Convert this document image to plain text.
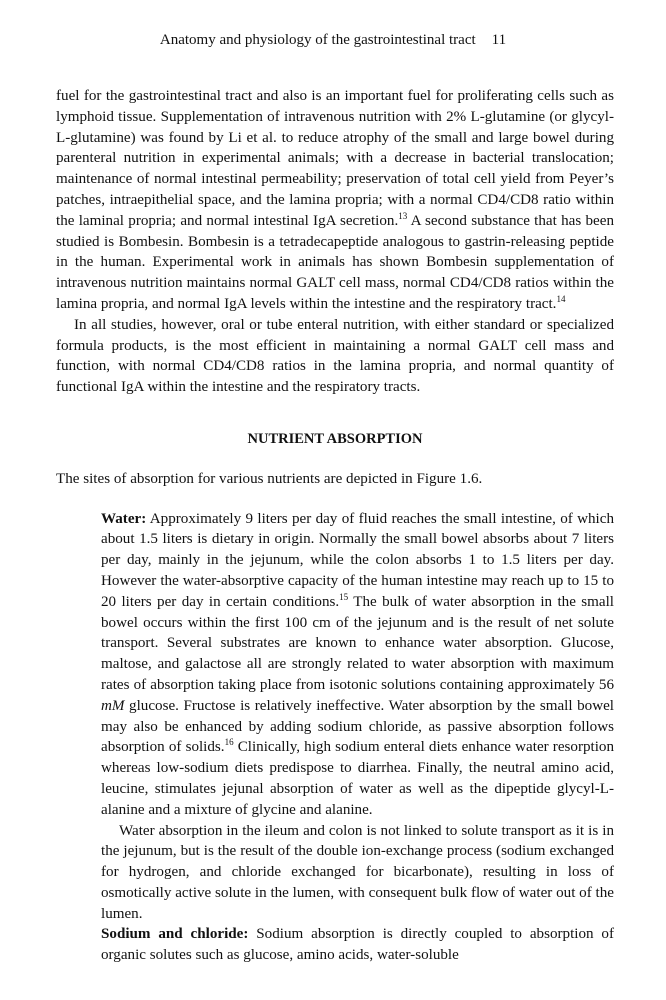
Anatomy and physiology of the gastrointestinal tract 11

fuel for the gastrointestinal tract and also is an important fuel for proliferating cells such as lymphoid tissue. Supplementation of intravenous nutrition with 2% L-glutamine (or glycyl-L-glutamine) was found by Li et al. to reduce atrophy of the small and large bowel during parenteral nutrition in experimental animals; with a decrease in bacterial translocation; maintenance of normal intestinal permeability; preservation of total cell yield from Peyer’s patches, intraepithelial space, and the lamina propria; with a normal CD4/CD8 ratio within the laminal propria; and normal intestinal IgA secretion.$^{13}$ A second substance that has been studied is Bombesin. Bombesin is a tetradecapeptide analogous to gastrin-releasing peptide in the human. Experimental work in animals has shown Bombesin supplementation of intravenous nutrition maintains normal GALT cell mass, normal CD4/CD8 ratios within the lamina propria, and normal IgA levels within the intestine and the respiratory tract.$^{14}$

In all studies, however, oral or tube enteral nutrition, with either standard or specialized formula products, is the most efficient in maintaining a normal GALT cell mass and function, with normal CD4/CD8 ratios in the lamina propria, and normal quantity of functional IgA within the intestine and the respiratory tracts.

NUTRIENT ABSORPTION

The sites of absorption for various nutrients are depicted in Figure 1.6.

Water: Approximately 9 liters per day of fluid reaches the small intestine, of which about 1.5 liters is dietary in origin. Normally the small bowel absorbs about 7 liters per day, mainly in the jejunum, while the colon absorbs 1 to 1.5 liters per day. However the water-absorptive capacity of the human intestine may reach up to 15 to 20 liters per day in certain conditions.$^{15}$ The bulk of water absorption in the small bowel occurs within the first 100 cm of the jejunum and is the result of net solute transport. Several substrates are known to enhance water absorption. Glucose, maltose, and galactose all are strongly related to water absorption with maximum rates of absorption taking place from isotonic solutions containing approximately 56 mM glucose. Fructose is relatively ineffective. Water absorption by the small bowel may also be enhanced by adding sodium chloride, as passive absorption follows absorption of solids.$^{16}$ Clinically, high sodium enteral diets enhance water resorption whereas low-sodium diets predispose to diarrhea. Finally, the neutral amino acid, leucine, stimulates jejunal absorption of water as well as the dipeptide glycyl-L-alanine and a mixture of glycine and alanine.

Water absorption in the ileum and colon is not linked to solute transport as it is in the jejunum, but is the result of the double ion-exchange process (sodium exchanged for hydrogen, and chloride exchanged for bicarbonate), resulting in loss of osmotically active solute in the lumen, with consequent bulk flow of water out of the lumen.

Sodium and chloride: Sodium absorption is directly coupled to absorption of organic solutes such as glucose, amino acids, water-soluble
